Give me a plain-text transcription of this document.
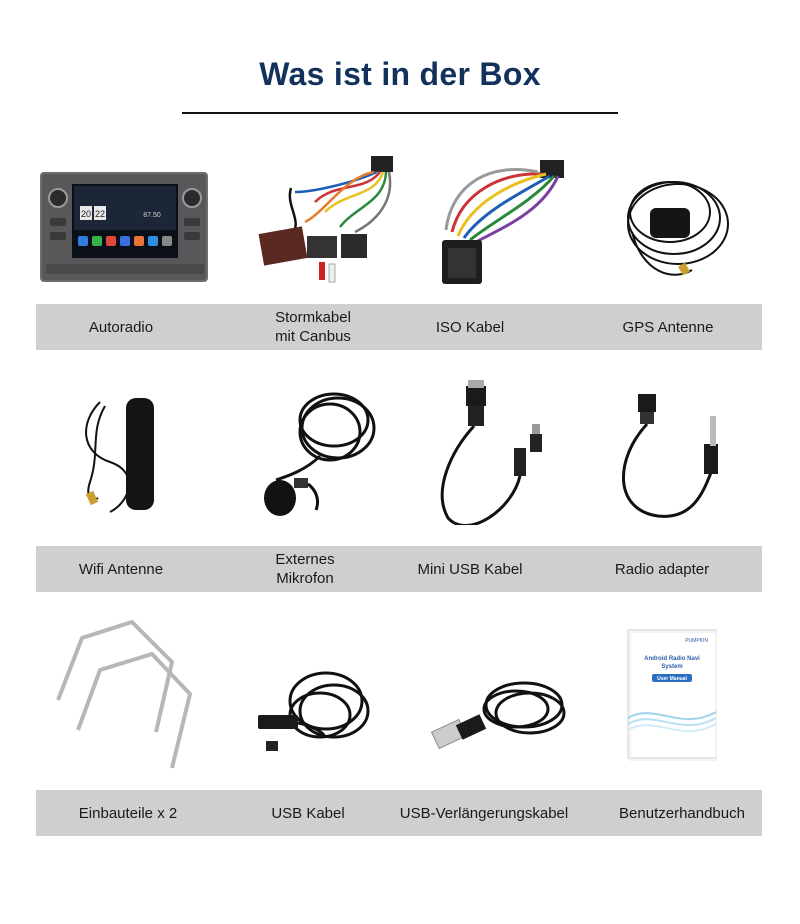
Was ist in der Box
20 22	87.50
Autoradio
Stormkabel
mit Canbus
ISO Kabel	GPS Antenne
Wifi Antenne
Externes
Mikrofon
Mini USB Kabel	Radio adapter
PUMPKIN
Android Radio Navi
System
User Manual
Einbauteile x 2	USB Kabel	USB-Verlängerungskabel	Benutzerhandbuch
